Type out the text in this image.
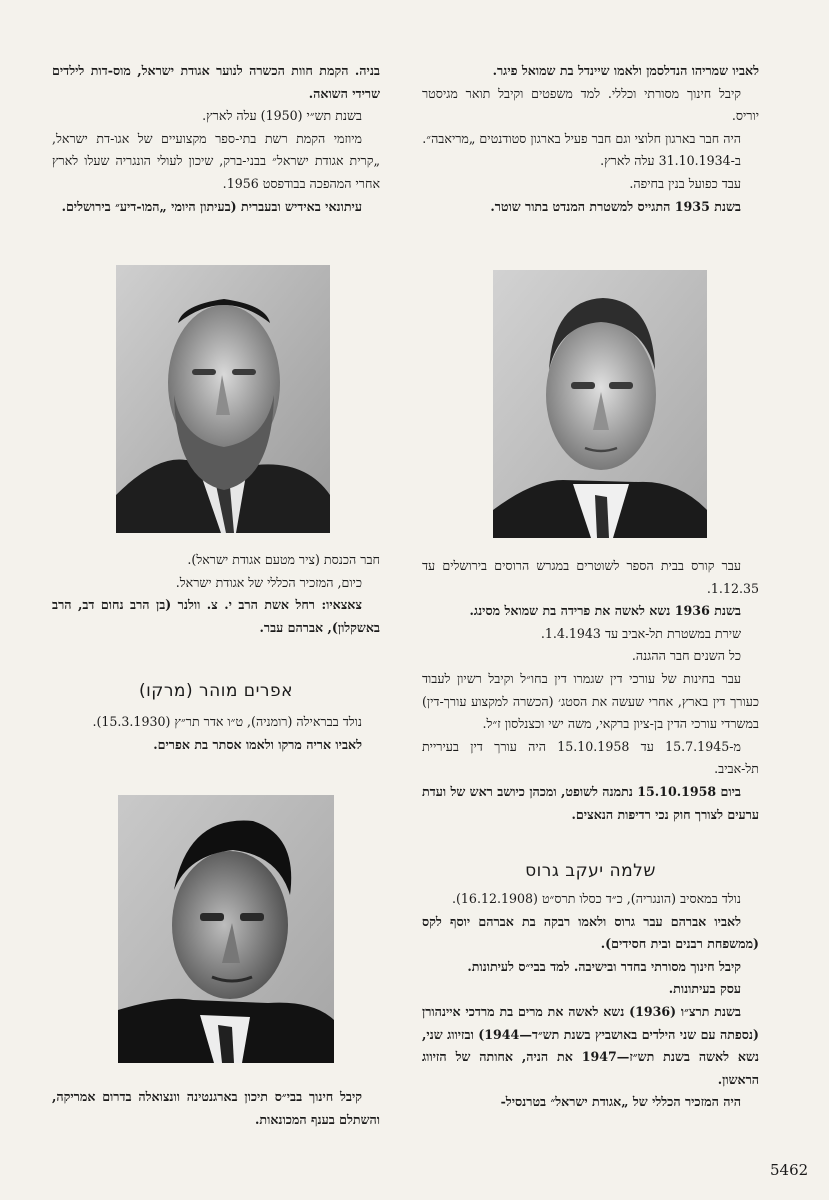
בניה. הקמת חוות הכשרה לנוער אגודת ישראל, מוס-דות לילדים שרידי השואה.

בשנת תש״י (1950) עלה לארץ.

מיוזמי הקמת רשת בתי-ספר מקצועיים של אגו-דת ישראל, „קרית אגודת ישראל״ בבני-ברק, שיכון לעולי הונגריה שעלו לארץ אחרי המהפכה בבודפסט 1956.

עיתונאי באידיש ובעברית (בעיתון היומי „המו-דיע״ בירושלים.

חבר הכנסת (ציר מטעם אגודת ישראל).

כיום, המזכיר הכללי של אגודת ישראל.

צאצאיו: רחל אשת הרב י. צ. וולנר (בן הרב נחום דב, הרב באשקלון), אברהם עבר.

אפרים מוהר (מרקו)

נולד בבראילה (רומניה), ט״ו אדר תר״ץ (15.3.1930).

לאביו אריה מרקו ולאמו אסתר בת אפרים.

קיבל חינוך בבי״ס תיכון בארגנטינה וונצואלה בדרום אמריקה, והשתלם בענף המכונאות.

לאביו שמריהו הנדלסמן ולאמו שיינדל בת שמואל פיגר.

קיבל חינוך מסורתי וכללי. למד משפטים וקיבל תואר מגיסטר יוריס.

היה חבר בארגון חלוצי וגם חבר פעיל בארגון סטודנטים „מריאבה״.

ב-31.10.1934 עלה לארץ.

עבד כפועל בנין בחיפה.

בשנת 1935 התגייס למשטרת המנדט בתור שוטר.

עבר קורס בבית הספר לשוטרים במגרש הרוסים בירושלים עד 1.12.35.

בשנת 1936 נשא לאשה את פרידה בת שמואל מסינג.

שירת במשטרת תל-אביב עד 1.4.1943.

כל השנים חבר ההגנה.

עבר בחינות של עורכי דין שגמרו דין בחו״ל וקיבל רשיון לעבוד כעורך דין בארץ, אחרי שעשה את הסטג׳ (הכשרה למקצוע עורך-דין) במשרדי עורכי הדין בן-ציון ברקאי, משה ישי וכצנלסון ז״ל.

מ-15.7.1945 עד 15.10.1958 היה עורך דין בעיריית תל-אביב.

ביום 15.10.1958 נתמנה לשופט, ומכהן כיושב ראש של ועדת ערעים לצורך חוק נכי רדיפות הנאצים.

שלמה יעקב גרוס

נולד במאסיב (הונגריה), כ״ד כסלו תרס״ט (16.12.1908).

לאביו אברהם עבר גרוס ולאמו רבקה בת אברהם יוסף לקס (ממשפחת רבנים ובית חסידים).

קיבל חינוך מסורתי בחדר ובישיבה. למד בבי״ס לעיתונות.

עסק בעיתונות.

בשנת תרצ״ו (1936) נשא לאשה את מרים בת מרדכי איינהורן (נספתה עם שני הילדים באושביץ בשנת תש״ד—1944) ובזיווג שני, נשא לאשה בשנת תש״ז—1947 את הניה, אחותה של הזיווג הראשון.

היה המזכיר הכללי של „אגודת ישראל״ בטרנסיל-

5462
